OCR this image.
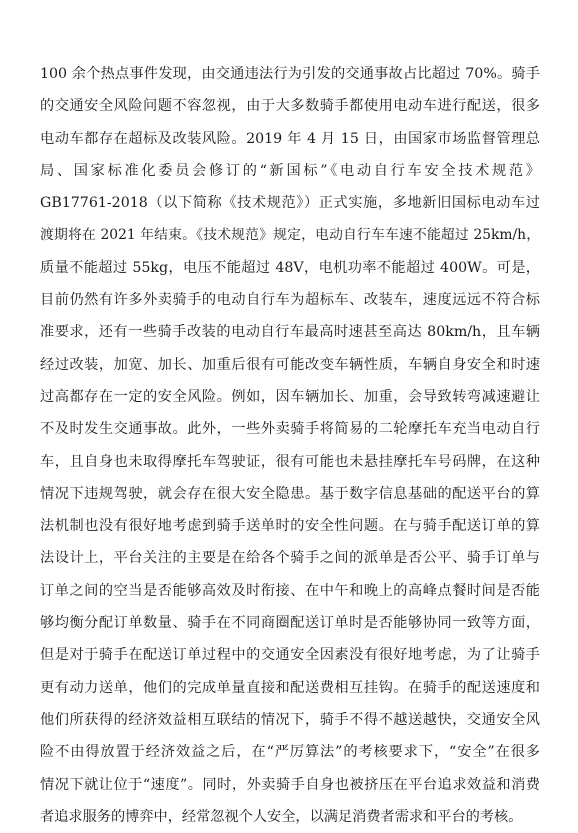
100 余个热点事件发现，由交通违法行为引发的交通事故占比超过 70%。骑手
的交通安全风险问题不容忽视，由于大多数骑手都使用电动车进行配送，很多
电动车都存在超标及改装风险。2019 年 4 月 15 日，由国家市场监督管理总
局、国家标准化委员会修订的“新国标”《电动自行车安全技术规范》
GB17761-2018（以下简称《技术规范》）正式实施，多地新旧国标电动车过
渡期将在 2021 年结束。《技术规范》规定，电动自行车车速不能超过 25km/h，
质量不能超过 55kg，电压不能超过 48V，电机功率不能超过 400W。可是，
目前仍然有许多外卖骑手的电动自行车为超标车、改装车，速度远远不符合标
准要求，还有一些骑手改装的电动自行车最高时速甚至高达 80km/h，且车辆
经过改装，加宽、加长、加重后很有可能改变车辆性质，车辆自身安全和时速
过高都存在一定的安全风险。例如，因车辆加长、加重，会导致转弯减速避让
不及时发生交通事故。此外，一些外卖骑手将简易的二轮摩托车充当电动自行
车，且自身也未取得摩托车驾驶证，很有可能也未悬挂摩托车号码牌，在这种
情况下违规驾驶，就会存在很大安全隐患。基于数字信息基础的配送平台的算
法机制也没有很好地考虑到骑手送单时的安全性问题。在与骑手配送订单的算
法设计上，平台关注的主要是在给各个骑手之间的派单是否公平、骑手订单与
订单之间的空当是否能够高效及时衔接、在中午和晚上的高峰点餐时间是否能
够均衡分配订单数量、骑手在不同商圈配送订单时是否能够协同一致等方面，
但是对于骑手在配送订单过程中的交通安全因素没有很好地考虑，为了让骑手
更有动力送单，他们的完成单量直接和配送费相互挂钩。在骑手的配送速度和
他们所获得的经济效益相互联结的情况下，骑手不得不越送越快，交通安全风
险不由得放置于经济效益之后，在“严厉算法”的考核要求下，“安全”在很多
情况下就让位于“速度”。同时，外卖骑手自身也被挤压在平台追求效益和消费
者追求服务的博弈中，经常忽视个人安全，以满足消费者需求和平台的考核。
